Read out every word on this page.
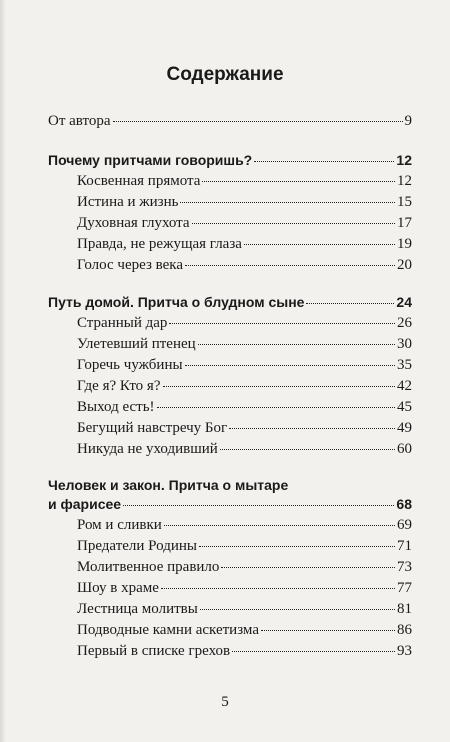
Содержание
От автора	9
Почему притчами говоришь?	12
Косвенная прямота	12
Истина и жизнь	15
Духовная глухота	17
Правда, не режущая глаза	19
Голос через века	20
Путь домой. Притча о блудном сыне	24
Странный дар	26
Улетевший птенец	30
Горечь чужбины	35
Где я? Кто я?	42
Выход есть!	45
Бегущий навстречу Бог	49
Никуда не уходивший	60
Человек и закон. Притча о мытаре
и фарисее	68
Ром и сливки	69
Предатели Родины	71
Молитвенное правило	73
Шоу в храме	77
Лестница молитвы	81
Подводные камни аскетизма	86
Первый в списке грехов	93
5
